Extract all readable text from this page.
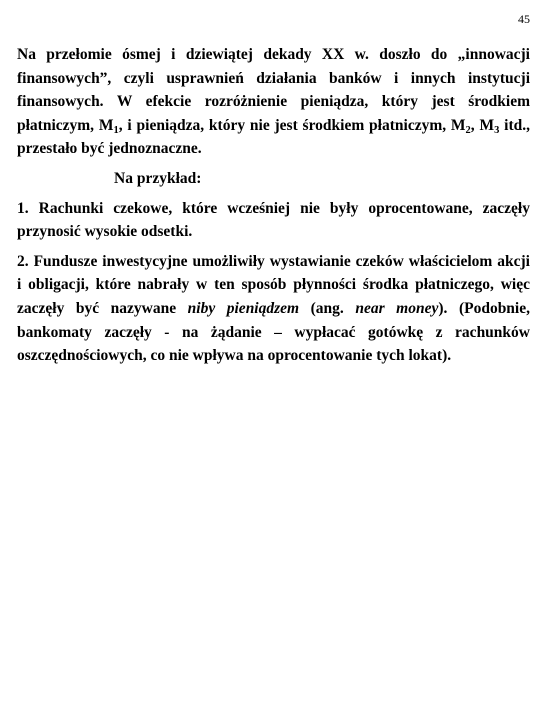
45

Na przełomie ósmej i dziewiątej dekady XX w. doszło do „innowacji finansowych”, czyli usprawnień działania banków i innych instytucji finansowych. W efekcie rozróżnienie pieniądza, który jest środkiem płatniczym, $M_1$, i pieniądza, który nie jest środkiem płatniczym, $M_2$, $M_3$ itd., przestało być jednoznaczne.

Na przykład:

1. Rachunki czekowe, które wcześniej nie były oprocentowane, zaczęły przynosić wysokie odsetki.

2. Fundusze inwestycyjne umożliwiły wystawianie czeków właścicielom akcji i obligacji, które nabrały w ten sposób płynności środka płatniczego, więc zaczęły być nazywane niby pieniądzem (ang. near money). (Podobnie, bankomaty zaczęły - na żądanie – wypłacać gotówkę z rachunków oszczędnościowych, co nie wpływa na oprocentowanie tych lokat).
